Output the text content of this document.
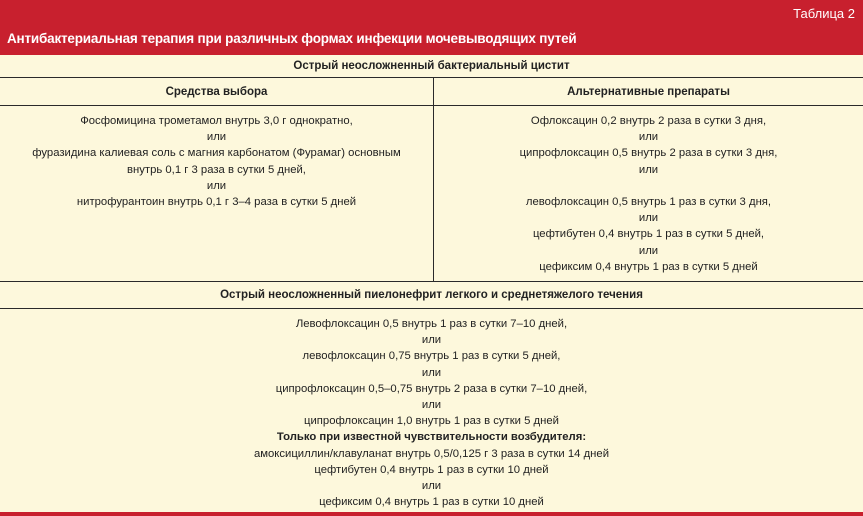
Таблица 2
Антибактериальная терапия при различных формах инфекции мочевыводящих путей
Острый неосложненный бактериальный цистит
Средства выбора	Альтернативные препараты
Фосфомицина трометамол внутрь 3,0 г однократно,
или
фуразидина калиевая соль с магния карбонатом (Фурамаг) основным
внутрь 0,1 г 3 раза в сутки 5 дней,
или
нитрофурантоин внутрь 0,1 г 3–4 раза в сутки 5 дней
Офлоксацин 0,2 внутрь 2 раза в сутки 3 дня,
или
ципрофлоксацин 0,5 внутрь 2 раза в сутки 3 дня,
или
левофлоксацин 0,5 внутрь 1 раз в сутки 3 дня,
или
цефтибутен 0,4 внутрь 1 раз в сутки 5 дней,
или
цефиксим 0,4 внутрь 1 раз в сутки 5 дней
Острый неосложненный пиелонефрит легкого и среднетяжелого течения
Левофлоксацин 0,5 внутрь 1 раз в сутки 7–10 дней,
или
левофлоксацин 0,75 внутрь 1 раз в сутки 5 дней,
или
ципрофлоксацин 0,5–0,75 внутрь 2 раза в сутки 7–10 дней,
или
ципрофлоксацин 1,0 внутрь 1 раз в сутки 5 дней
Только при известной чувствительности возбудителя:
амоксициллин/клавуланат внутрь 0,5/0,125 г 3 раза в сутки 14 дней
цефтибутен 0,4 внутрь 1 раз в сутки 10 дней
или
цефиксим 0,4 внутрь 1 раз в сутки 10 дней
